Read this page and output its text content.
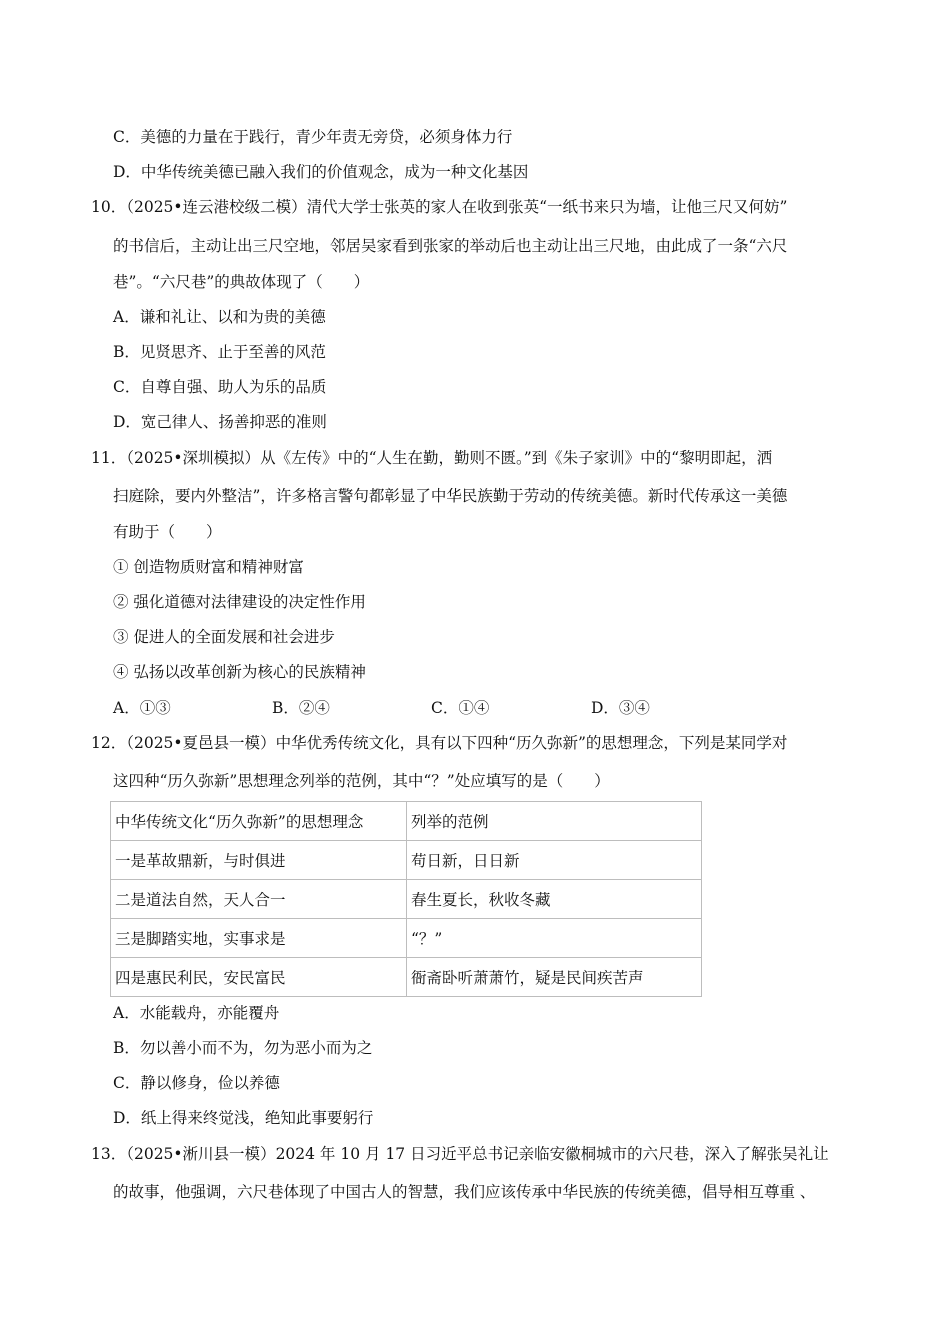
C．美德的力量在于践行，青少年责无旁贷，必须身体力行
D．中华传统美德已融入我们的价值观念，成为一种文化基因
10．（2025•连云港校级二模）清代大学士张英的家人在收到张英“一纸书来只为墙，让他三尺又何妨”
的书信后，主动让出三尺空地，邻居吴家看到张家的举动后也主动让出三尺地，由此成了一条“六尺
巷”。“六尺巷”的典故体现了（　　）
A．谦和礼让、以和为贵的美德
B．见贤思齐、止于至善的风范
C．自尊自强、助人为乐的品质
D．宽己律人、扬善抑恶的准则
11．（2025•深圳模拟）从《左传》中的“人生在勤，勤则不匮。”到《朱子家训》中的“黎明即起，洒
扫庭除，要内外整洁”，许多格言警句都彰显了中华民族勤于劳动的传统美德。新时代传承这一美德
有助于（　　）
① 创造物质财富和精神财富
② 强化道德对法律建设的决定性作用
③ 促进人的全面发展和社会进步
④ 弘扬以改革创新为核心的民族精神
A．①③	B．②④	C．①④	D．③④
12．（2025•夏邑县一模）中华优秀传统文化，具有以下四种“历久弥新”的思想理念，下列是某同学对
这四种“历久弥新”思想理念列举的范例，其中“？”处应填写的是（　　）
中华传统文化“历久弥新”的思想理念	列举的范例
一是革故鼎新，与时俱进	苟日新，日日新
二是道法自然，天人合一	春生夏长，秋收冬藏
三是脚踏实地，实事求是	“？”
四是惠民利民，安民富民	衙斋卧听萧萧竹，疑是民间疾苦声
A．水能载舟，亦能覆舟
B．勿以善小而不为，勿为恶小而为之
C．静以修身，俭以养德
D．纸上得来终觉浅，绝知此事要躬行
13．（2025•淅川县一模）2024 年 10 月 17 日习近平总书记亲临安徽桐城市的六尺巷，深入了解张吴礼让
的故事，他强调，六尺巷体现了中国古人的智慧，我们应该传承中华民族的传统美德，倡导相互尊重 、
